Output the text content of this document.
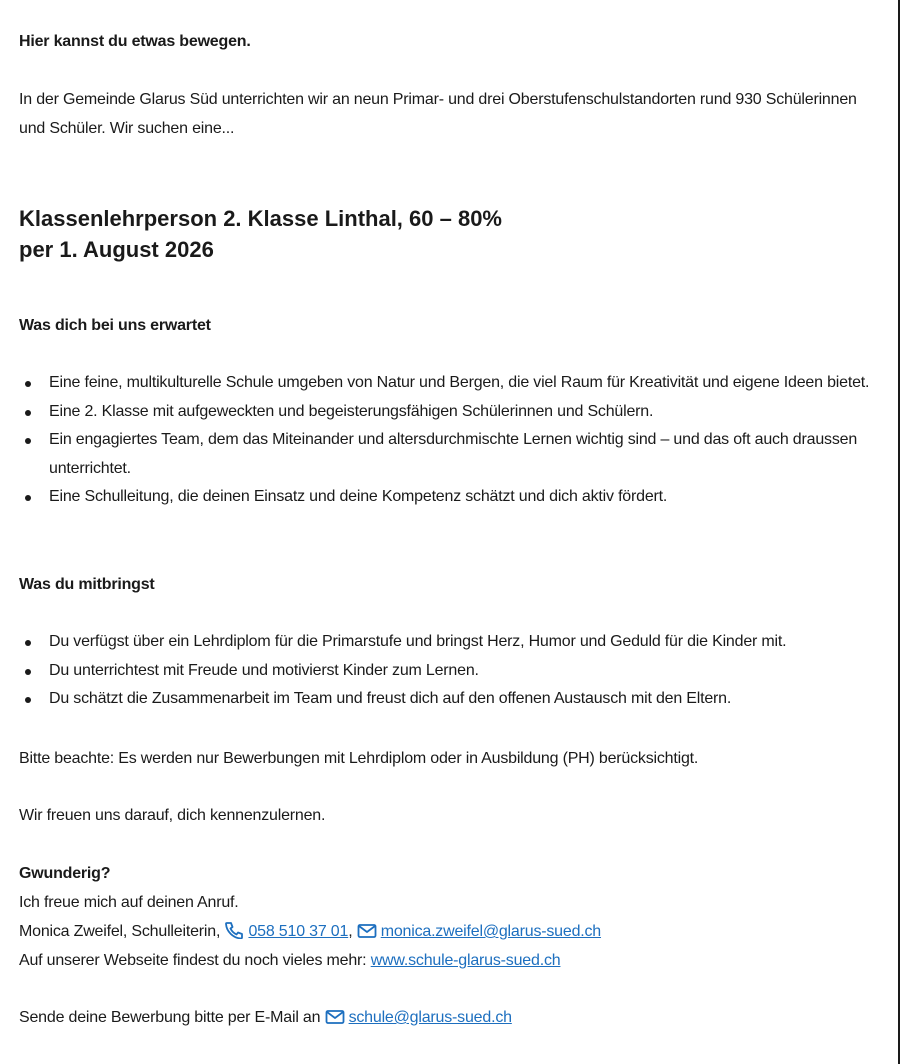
Hier kannst du etwas bewegen.
In der Gemeinde Glarus Süd unterrichten wir an neun Primar- und drei Oberstufenschulstandorten rund 930 Schülerinnen und Schüler. Wir suchen eine...
Klassenlehrperson 2. Klasse Linthal, 60 – 80%
per 1. August 2026
Was dich bei uns erwartet
Eine feine, multikulturelle Schule umgeben von Natur und Bergen, die viel Raum für Kreativität und eigene Ideen bietet.
Eine 2. Klasse mit aufgeweckten und begeisterungsfähigen Schülerinnen und Schülern.
Ein engagiertes Team, dem das Miteinander und altersdurchmischte Lernen wichtig sind – und das oft auch draussen unterrichtet.
Eine Schulleitung, die deinen Einsatz und deine Kompetenz schätzt und dich aktiv fördert.
Was du mitbringst
Du verfügst über ein Lehrdiplom für die Primarstufe und bringst Herz, Humor und Geduld für die Kinder mit.
Du unterrichtest mit Freude und motivierst Kinder zum Lernen.
Du schätzt die Zusammenarbeit im Team und freust dich auf den offenen Austausch mit den Eltern.
Bitte beachte: Es werden nur Bewerbungen mit Lehrdiplom oder in Ausbildung (PH) berücksichtigt.
Wir freuen uns darauf, dich kennenzulernen.
Gwunderig?
Ich freue mich auf deinen Anruf.
Monica Zweifel, Schulleiterin,
058 510 37 01,
monica.zweifel@glarus-sued.ch
Auf unserer Webseite findest du noch vieles mehr: www.schule-glarus-sued.ch
Sende deine Bewerbung bitte per E-Mail an
schule@glarus-sued.ch
